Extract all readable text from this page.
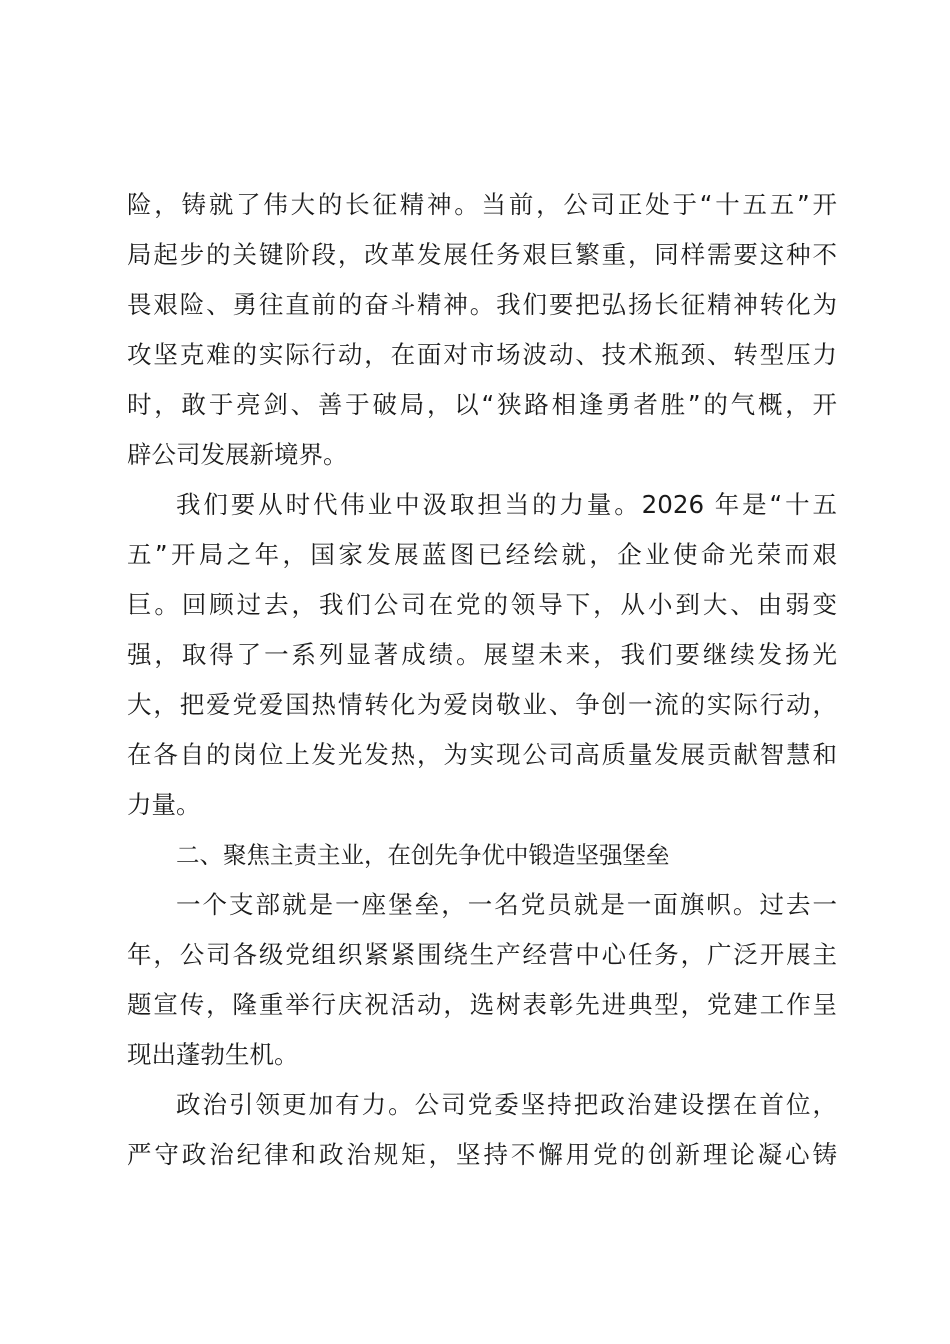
险，铸就了伟大的长征精神。当前，公司正处于“十五五”开
局起步的关键阶段，改革发展任务艰巨繁重，同样需要这种不
畏艰险、勇往直前的奋斗精神。我们要把弘扬长征精神转化为
攻坚克难的实际行动，在面对市场波动、技术瓶颈、转型压力
时，敢于亮剑、善于破局，以“狭路相逢勇者胜”的气概，开
辟公司发展新境界。
我们要从时代伟业中汲取担当的力量。2026 年是“十五
五”开局之年，国家发展蓝图已经绘就，企业使命光荣而艰
巨。回顾过去，我们公司在党的领导下，从小到大、由弱变
强，取得了一系列显著成绩。展望未来，我们要继续发扬光
大，把爱党爱国热情转化为爱岗敬业、争创一流的实际行动，
在各自的岗位上发光发热，为实现公司高质量发展贡献智慧和
力量。
二、聚焦主责主业，在创先争优中锻造坚强堡垒
一个支部就是一座堡垒，一名党员就是一面旗帜。过去一
年，公司各级党组织紧紧围绕生产经营中心任务，广泛开展主
题宣传，隆重举行庆祝活动，选树表彰先进典型，党建工作呈
现出蓬勃生机。
政治引领更加有力。公司党委坚持把政治建设摆在首位，
严守政治纪律和政治规矩，坚持不懈用党的创新理论凝心铸
